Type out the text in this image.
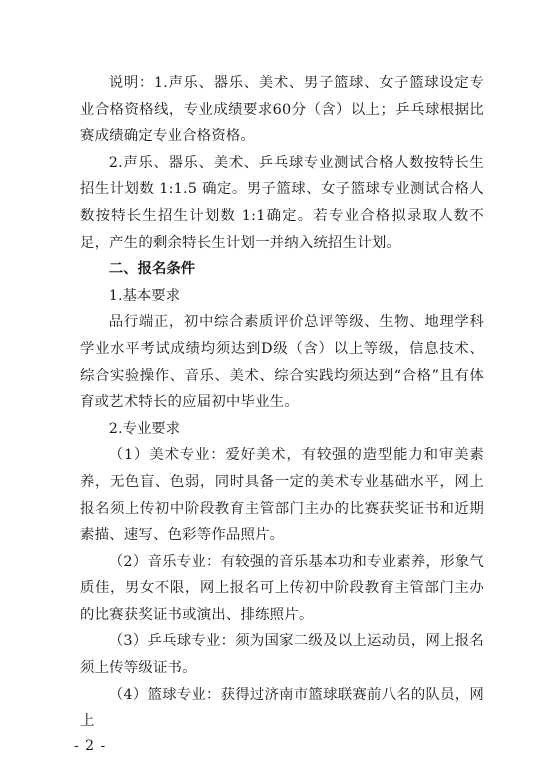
说明：1.声乐、器乐、美术、男子篮球、女子篮球设定专业合格资格线，专业成绩要求60分（含）以上；乒乓球根据比赛成绩确定专业合格资格。

2.声乐、器乐、美术、乒乓球专业测试合格人数按特长生招生计划数 1:1.5 确定。男子篮球、女子篮球专业测试合格人数按特长生招生计划数 1:1确定。若专业合格拟录取人数不足，产生的剩余特长生计划一并纳入统招生计划。

二、报名条件

1.基本要求

品行端正，初中综合素质评价总评等级、生物、地理学科学业水平考试成绩均须达到D级（含）以上等级，信息技术、综合实验操作、音乐、美术、综合实践均须达到“合格”且有体育或艺术特长的应届初中毕业生。

2.专业要求

（1）美术专业：爱好美术，有较强的造型能力和审美素养，无色盲、色弱，同时具备一定的美术专业基础水平，网上报名须上传初中阶段教育主管部门主办的比赛获奖证书和近期素描、速写、色彩等作品照片。

（2）音乐专业：有较强的音乐基本功和专业素养，形象气质佳，男女不限，网上报名可上传初中阶段教育主管部门主办的比赛获奖证书或演出、排练照片。

（3）乒乓球专业：须为国家二级及以上运动员，网上报名须上传等级证书。

（4）篮球专业：获得过济南市篮球联赛前八名的队员，网上

- 2 -
